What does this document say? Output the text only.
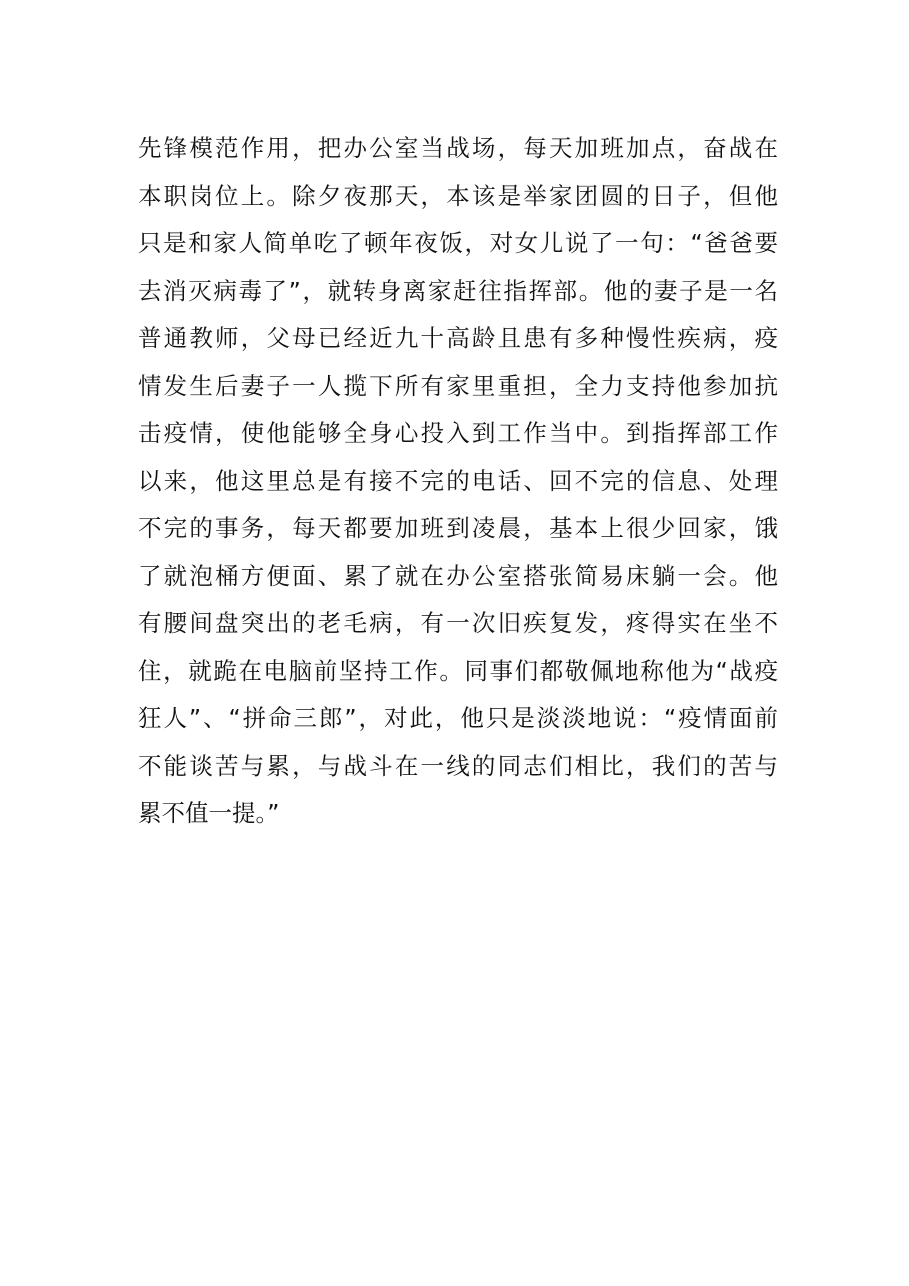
先锋模范作用，把办公室当战场，每天加班加点，奋战在
本职岗位上。除夕夜那天，本该是举家团圆的日子，但他
只是和家人简单吃了顿年夜饭，对女儿说了一句：“爸爸要
去消灭病毒了”，就转身离家赶往指挥部。他的妻子是一名
普通教师，父母已经近九十高龄且患有多种慢性疾病，疫
情发生后妻子一人揽下所有家里重担，全力支持他参加抗
击疫情，使他能够全身心投入到工作当中。到指挥部工作
以来，他这里总是有接不完的电话、回不完的信息、处理
不完的事务，每天都要加班到凌晨，基本上很少回家，饿
了就泡桶方便面、累了就在办公室搭张简易床躺一会。他
有腰间盘突出的老毛病，有一次旧疾复发，疼得实在坐不
住，就跪在电脑前坚持工作。同事们都敬佩地称他为“战疫
狂人”、“拼命三郎”，对此，他只是淡淡地说：“疫情面前
不能谈苦与累，与战斗在一线的同志们相比，我们的苦与
累不值一提。”
